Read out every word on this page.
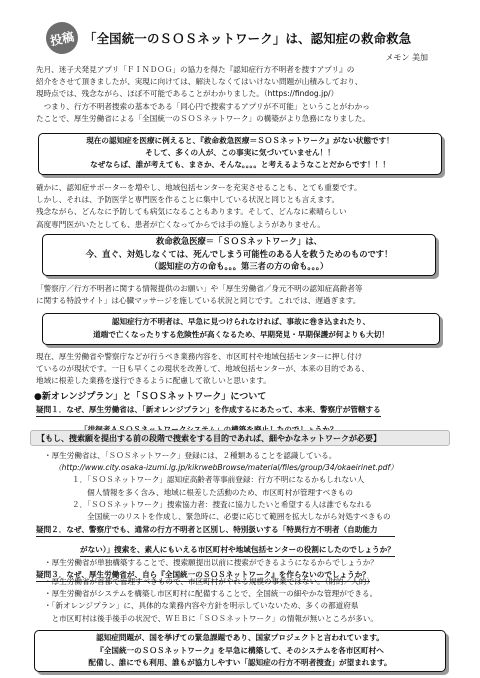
投稿 「全国統一のＳＯＳネットワーク」は、認知症の救命救急
メモン 美加
先月、迷子犬発見アプリ「ＦＩＮＤＯＧ」の協力を得た『認知症行方不明者を捜すアプリ』の
紹介をさせて頂きましたが、実現に向けては、解決しなくてはいけない問題が山積みしており、
現時点では、残念ながら、ほぼ不可能であることがわかりました。（https://findog.jp/）
　つまり、行方不明者捜索の基本である「同心円で捜索するアプリが不可能」ということがわかっ
たことで、厚生労働省による「全国統一のＳＯＳネットワーク」の構築がより急務になりました。
現在の認知症を医療に例えると、『救命救急医療＝ＳＯＳネットワーク』がない状態です！
そして、多くの人が、この事実に気づいていません！！
なぜならば、誰が考えても、まさか、そんな。。。。と考えるようなことだからです！！！
確かに、認知症サポーターを増やし、地域包括センターを充実させることも、とても重要です。
しかし、それは、予防医学と専門医を作ることに集中している状況と同じとも言えます。
残念ながら、どんなに予防しても病気になることもあります。そして、どんなに素晴らしい
高度専門医がいたとしても、患者が亡くなってからでは手の施しようがありません。
救命救急医療＝「ＳＯＳネットワーク」は、
今、直ぐ、対処しなくては、死んでしまう可能性のある人を救うためのものです！
（認知症の方の命も。。。第三者の方の命も。。。）
「警察庁／行方不明者に関する情報提供のお願い」や「厚生労働省／身元不明の認知症高齢者等
に関する特設サイト」は心臓マッサージを施している状況と同じです。これでは、遅過ぎます。
認知症行方不明者は、早急に見つけられなければ、事故に巻き込まれたり、
道端で亡くなったりする危険性が高くなるため、早期発見・早期保護が何よりも大切！
現在、厚生労働省や警察庁などが行うべき業務内容を、市区町村や地域包括センターに押し付け
ているのが現状です。一日も早くこの現状を改善して、地域包括センターが、本来の目的である、
地域に根差した業務を遂行できるように配慮して欲しいと思います。
●新オレンジプラン」と「ＳＯＳネットワーク」について
疑問１．なぜ、厚生労働省は、「新オレンジプラン」を作成するにあたって、本来、警察庁が管轄する
【もし、捜索願を提出する前の段階で捜索をする目的であれば、細やかなネットワークが必要】
・厚生労働省は、「ＳＯＳネットワーク」登録には、２種類あることを認識している。
（http://www.city.osaka-izumi.lg.jp/kikrwebBrowse/material/files/group/34/okaeirinet.pdf）
１．「ＳＯＳネットワーク」認知症高齢者等事前登録：行方不明になるかもしれない人
　　個人情報を多く含み、地域に根差した活動のため、市区町村が管理すべきもの
２．「ＳＯＳネットワーク」捜索協力者：捜査に協力したいと希望する人は誰でもなれる
　　全国統一のリストを作成し、緊急時に、必要に応じて範囲を拡大しながら対処すべきもの
疑問２．なぜ、警察庁でも、通常の行方不明者と区別し、特別扱いする「特異行方不明者（自助能力
がない）」捜索を、素人にもいえる市区町村や地域包括センターの役割にしたのでしょうか？
・厚生労働省が単独構築することで、捜索願提出以前に捜索ができるようになるからでしょうか？
疑問３．なぜ、厚生労働省が、自ら『全国統一のＳＯＳネットワーク』を作らないのでしょうか？
・厚生労働省が首都で管理すべきもので、市区町村がやれる規模の事業ではない。（財的／人的）
・厚生労働省がシステムを構築し市区町村に配備することで、全国統一の細やかな管理ができる。
・「新オレンジプラン」に、具体的な業務内容や方針を明示していないため、多くの都道府県
　と市区町村は後手後手の状況で、ＷＥＢに「ＳＯＳネットワーク」の情報が無いところが多い。
認知症問題が、国を挙げての緊急課題であり、国家プロジェクトと言われています。
『全国統一のＳＯＳネットワーク』を早急に構築して、そのシステムを各市区町村へ
配備し、誰にでも利用、誰もが協力しやすい「認知症の行方不明者捜査」が望まれます。
